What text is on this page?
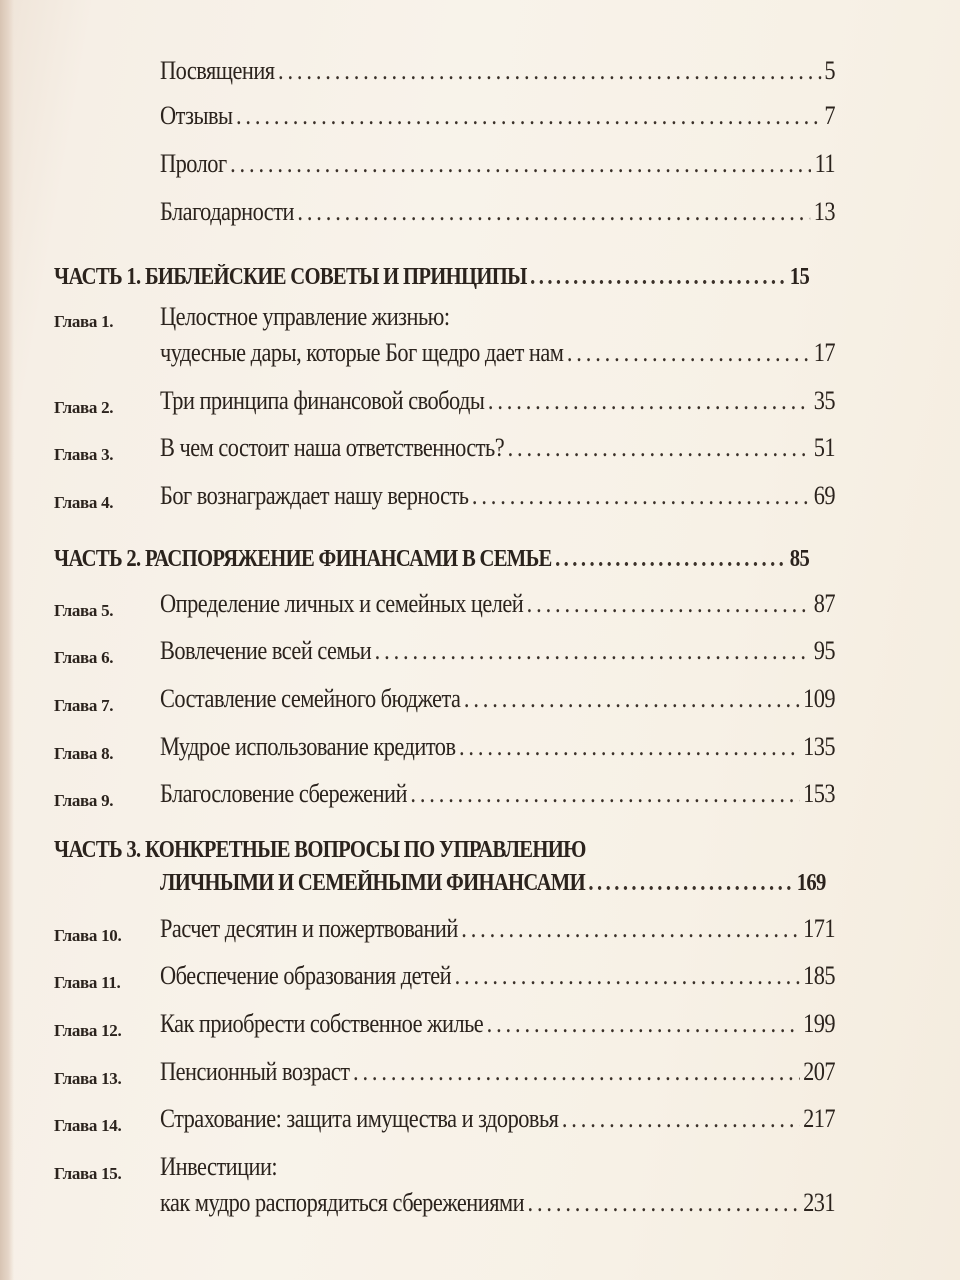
Посвящения . . .	5
Отзывы . . .	7
Пролог . . .	11
Благодарности . . .	13
ЧАСТЬ 1. БИБЛЕЙСКИЕ СОВЕТЫ И ПРИНЦИПЫ . . .	15
Глава 1. Целостное управление жизнью:
чудесные дары, которые Бог щедро дает нам . . .	17
Глава 2. Три принципа финансовой свободы . . .	35
Глава 3. В чем состоит наша ответственность? . . .	51
Глава 4. Бог вознаграждает нашу верность . . .	69
ЧАСТЬ 2. РАСПОРЯЖЕНИЕ ФИНАНСАМИ В СЕМЬЕ . . .	85
Глава 5. Определение личных и семейных целей . . .	87
Глава 6. Вовлечение всей семьи . . .	95
Глава 7. Составление семейного бюджета . . .	109
Глава 8. Мудрое использование кредитов . . .	135
Глава 9. Благословение сбережений . . .	153
ЧАСТЬ 3. КОНКРЕТНЫЕ ВОПРОСЫ ПО УПРАВЛЕНИЮ
ЛИЧНЫМИ И СЕМЕЙНЫМИ ФИНАНСАМИ . . .	169
Глава 10. Расчет десятин и пожертвований . . .	171
Глава 11. Обеспечение образования детей . . .	185
Глава 12. Как приобрести собственное жилье . . .	199
Глава 13. Пенсионный возраст . . .	207
Глава 14. Страхование: защита имущества и здоровья . . .	217
Глава 15. Инвестиции:
как мудро распорядиться сбережениями . . .	231
